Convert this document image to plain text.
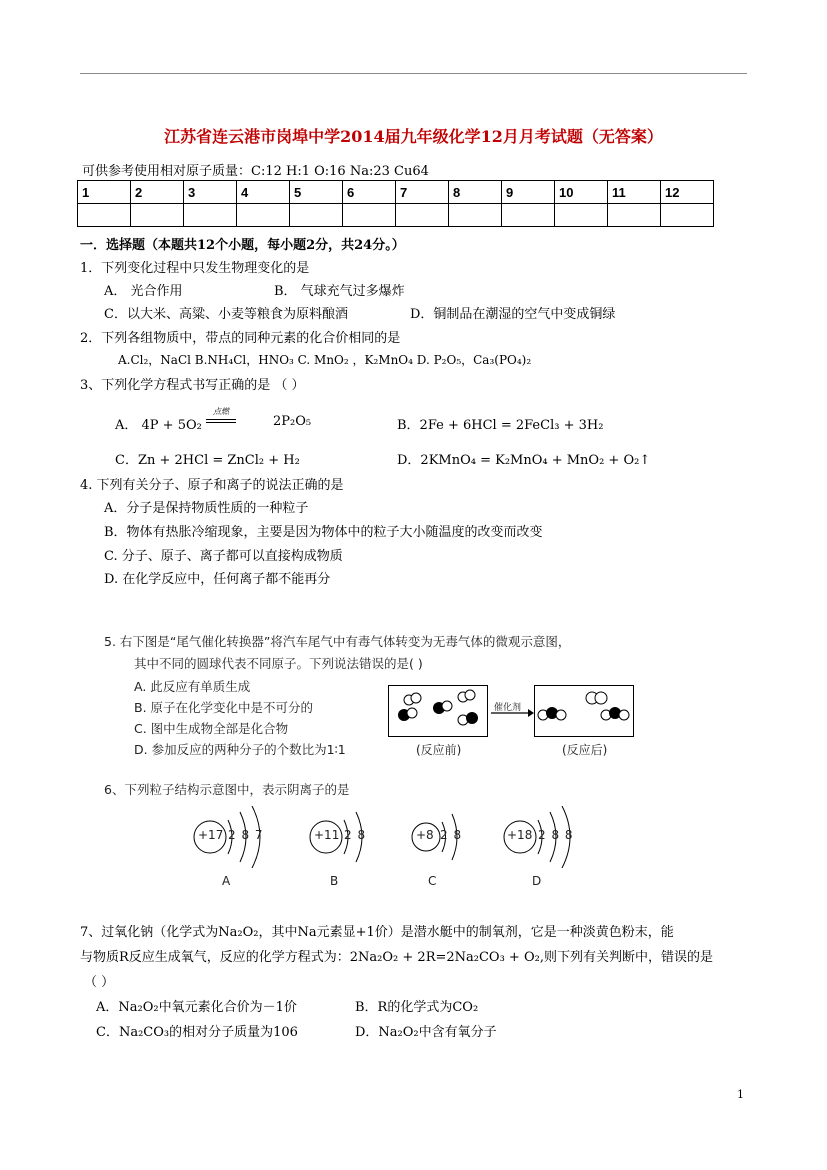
江苏省连云港市岗埠中学2014届九年级化学12月月考试题（无答案）
可供参考使用相对原子质量：C:12 H:1 O:16 Na:23 Cu64
1	2	3	4	5	6	7	8	9	10	11	12

一．选择题（本题共12个小题，每小题2分，共24分。）
1．下列变化过程中只发生物理变化的是
A． 光合作用	B． 气球充气过多爆炸
C．以大米、高粱、小麦等粮食为原料酿酒	D．铜制品在潮湿的空气中变成铜绿
2．下列各组物质中，带点的同种元素的化合价相同的是
A.Cl₂，NaCl B.NH₄Cl，HNO₃ C. MnO₂ ，K₂MnO₄ D. P₂O₅，Ca₃(PO₄)₂
3、下列化学方程式书写正确的是 （ ）
A． 4P + 5O₂
点燃
2P₂O₅	B．2Fe + 6HCl = 2FeCl₃ + 3H₂
C．Zn + 2HCl = ZnCl₂ + H₂	D．2KMnO₄ = K₂MnO₄ + MnO₂ + O₂↑
4. 下列有关分子、原子和离子的说法正确的是
A．分子是保持物质性质的一种粒子
B．物体有热胀冷缩现象，主要是因为物体中的粒子大小随温度的改变而改变
C. 分子、原子、离子都可以直接构成物质
D. 在化学反应中，任何离子都不能再分
5. 右下图是“尾气催化转换器”将汽车尾气中有毒气体转变为无毒气体的微观示意图，
其中不同的圆球代表不同原子。下列说法错误的是( )
A. 此反应有单质生成
B. 原子在化学变化中是不可分的
C. 图中生成物全部是化合物
D. 参加反应的两种分子的个数比为1∶1
催化剂
(反应前)	(反应后)
6、下列粒子结构示意图中，表示阴离子的是
+17 2 8 7
A
+11 2 8
B
+8 2 8
C
+18 2 8 8
D
7、过氧化钠（化学式为Na₂O₂，其中Na元素显+1价）是潜水艇中的制氧剂，它是一种淡黄色粉末，能
与物质R反应生成氧气，反应的化学方程式为：2Na₂O₂ + 2R=2Na₂CO₃ + O₂,则下列有关判断中，错误的是
（ ）
A．Na₂O₂中氧元素化合价为－1价	B．R的化学式为CO₂
C．Na₂CO₃的相对分子质量为106	D．Na₂O₂中含有氧分子
1
